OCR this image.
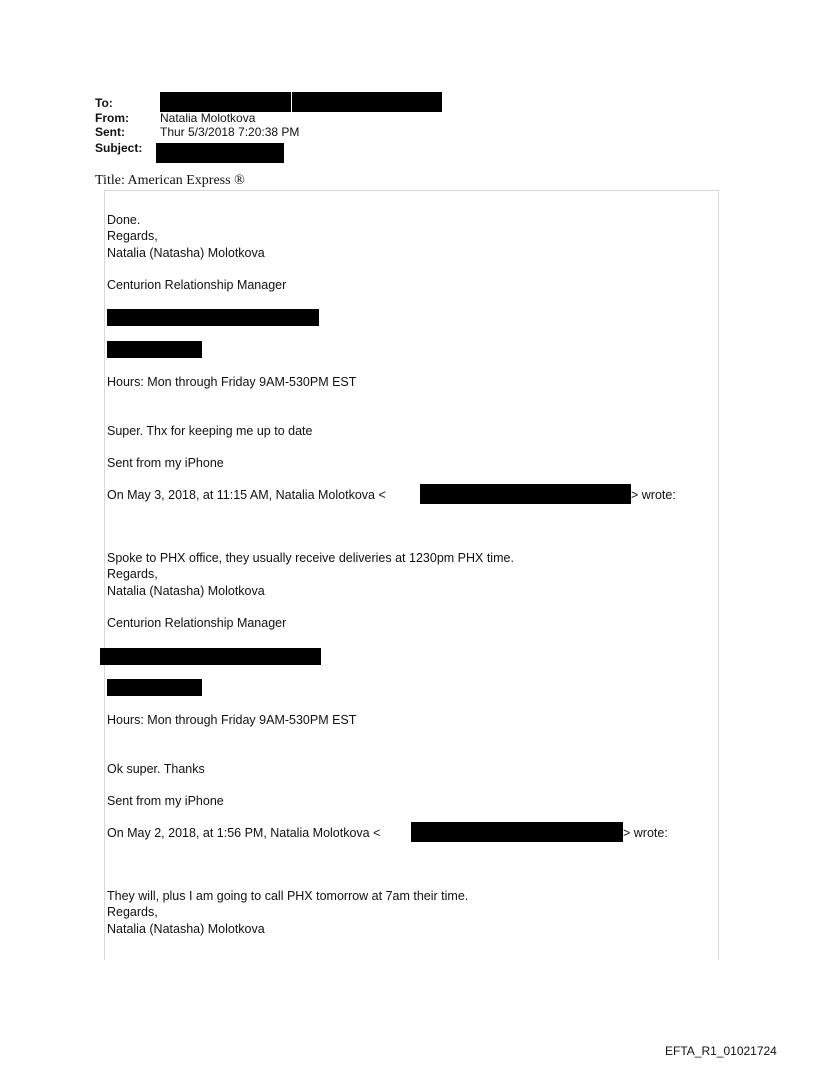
To:
From:	Natalia Molotkova
Sent:	Thur 5/3/2018 7:20:38 PM
Subject:
Title: American Express ®
Done.
Regards,
Natalia (Natasha) Molotkova
Centurion Relationship Manager
Hours: Mon through Friday 9AM-530PM EST
Super. Thx for keeping me up to date
Sent from my iPhone
On May 3, 2018, at 11:15 AM, Natalia Molotkova <	> wrote:
Spoke to PHX office, they usually receive deliveries at 1230pm PHX time.
Regards,
Natalia (Natasha) Molotkova
Centurion Relationship Manager
Hours: Mon through Friday 9AM-530PM EST
Ok super. Thanks
Sent from my iPhone
On May 2, 2018, at 1:56 PM, Natalia Molotkova <	> wrote:
They will, plus I am going to call PHX tomorrow at 7am their time.
Regards,
Natalia (Natasha) Molotkova
EFTA_R1_01021724
